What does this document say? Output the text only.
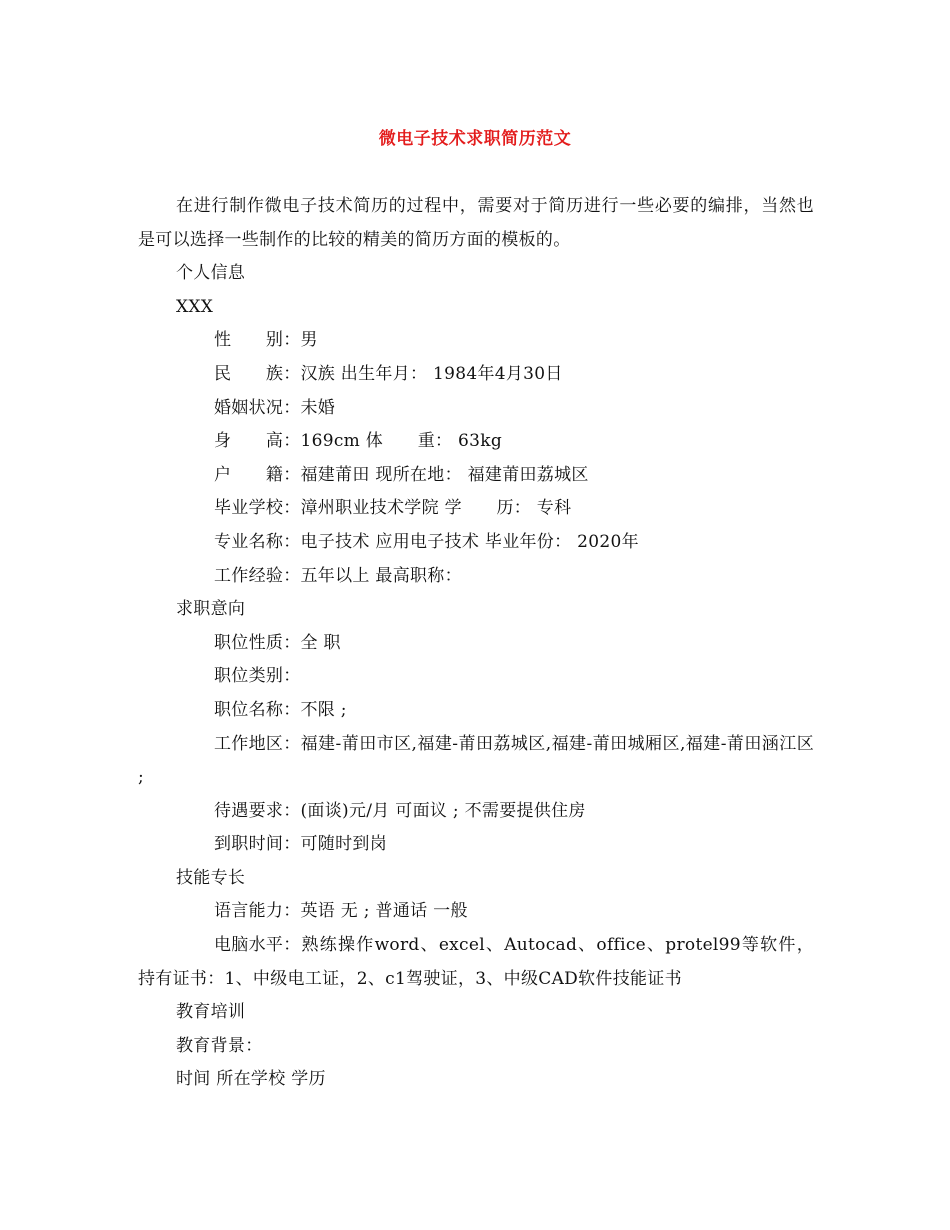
微电子技术求职简历范文

在进行制作微电子技术简历的过程中，需要对于简历进行一些必要的编排，当然也是可以选择一些制作的比较的精美的简历方面的模板的。

个人信息

XXX

性　　别：男

民　　族：汉族 出生年月： 1984年4月30日

婚姻状况：未婚

身　　高：169cm 体　　重： 63kg

户　　籍：福建莆田 现所在地： 福建莆田荔城区

毕业学校：漳州职业技术学院 学　　历： 专科

专业名称：电子技术 应用电子技术 毕业年份： 2020年

工作经验：五年以上 最高职称：

求职意向

职位性质：全 职

职位类别：

职位名称：不限 ;

工作地区：福建-莆田市区,福建-莆田荔城区,福建-莆田城厢区,福建-莆田涵江区 ;

待遇要求：(面谈)元/月 可面议 ; 不需要提供住房

到职时间：可随时到岗

技能专长

语言能力：英语 无 ; 普通话 一般

电脑水平：熟练操作word、excel、Autocad、office、protel99等软件，持有证书：1、中级电工证，2、c1驾驶证，3、中级CAD软件技能证书

教育培训

教育背景：

时间 所在学校 学历
